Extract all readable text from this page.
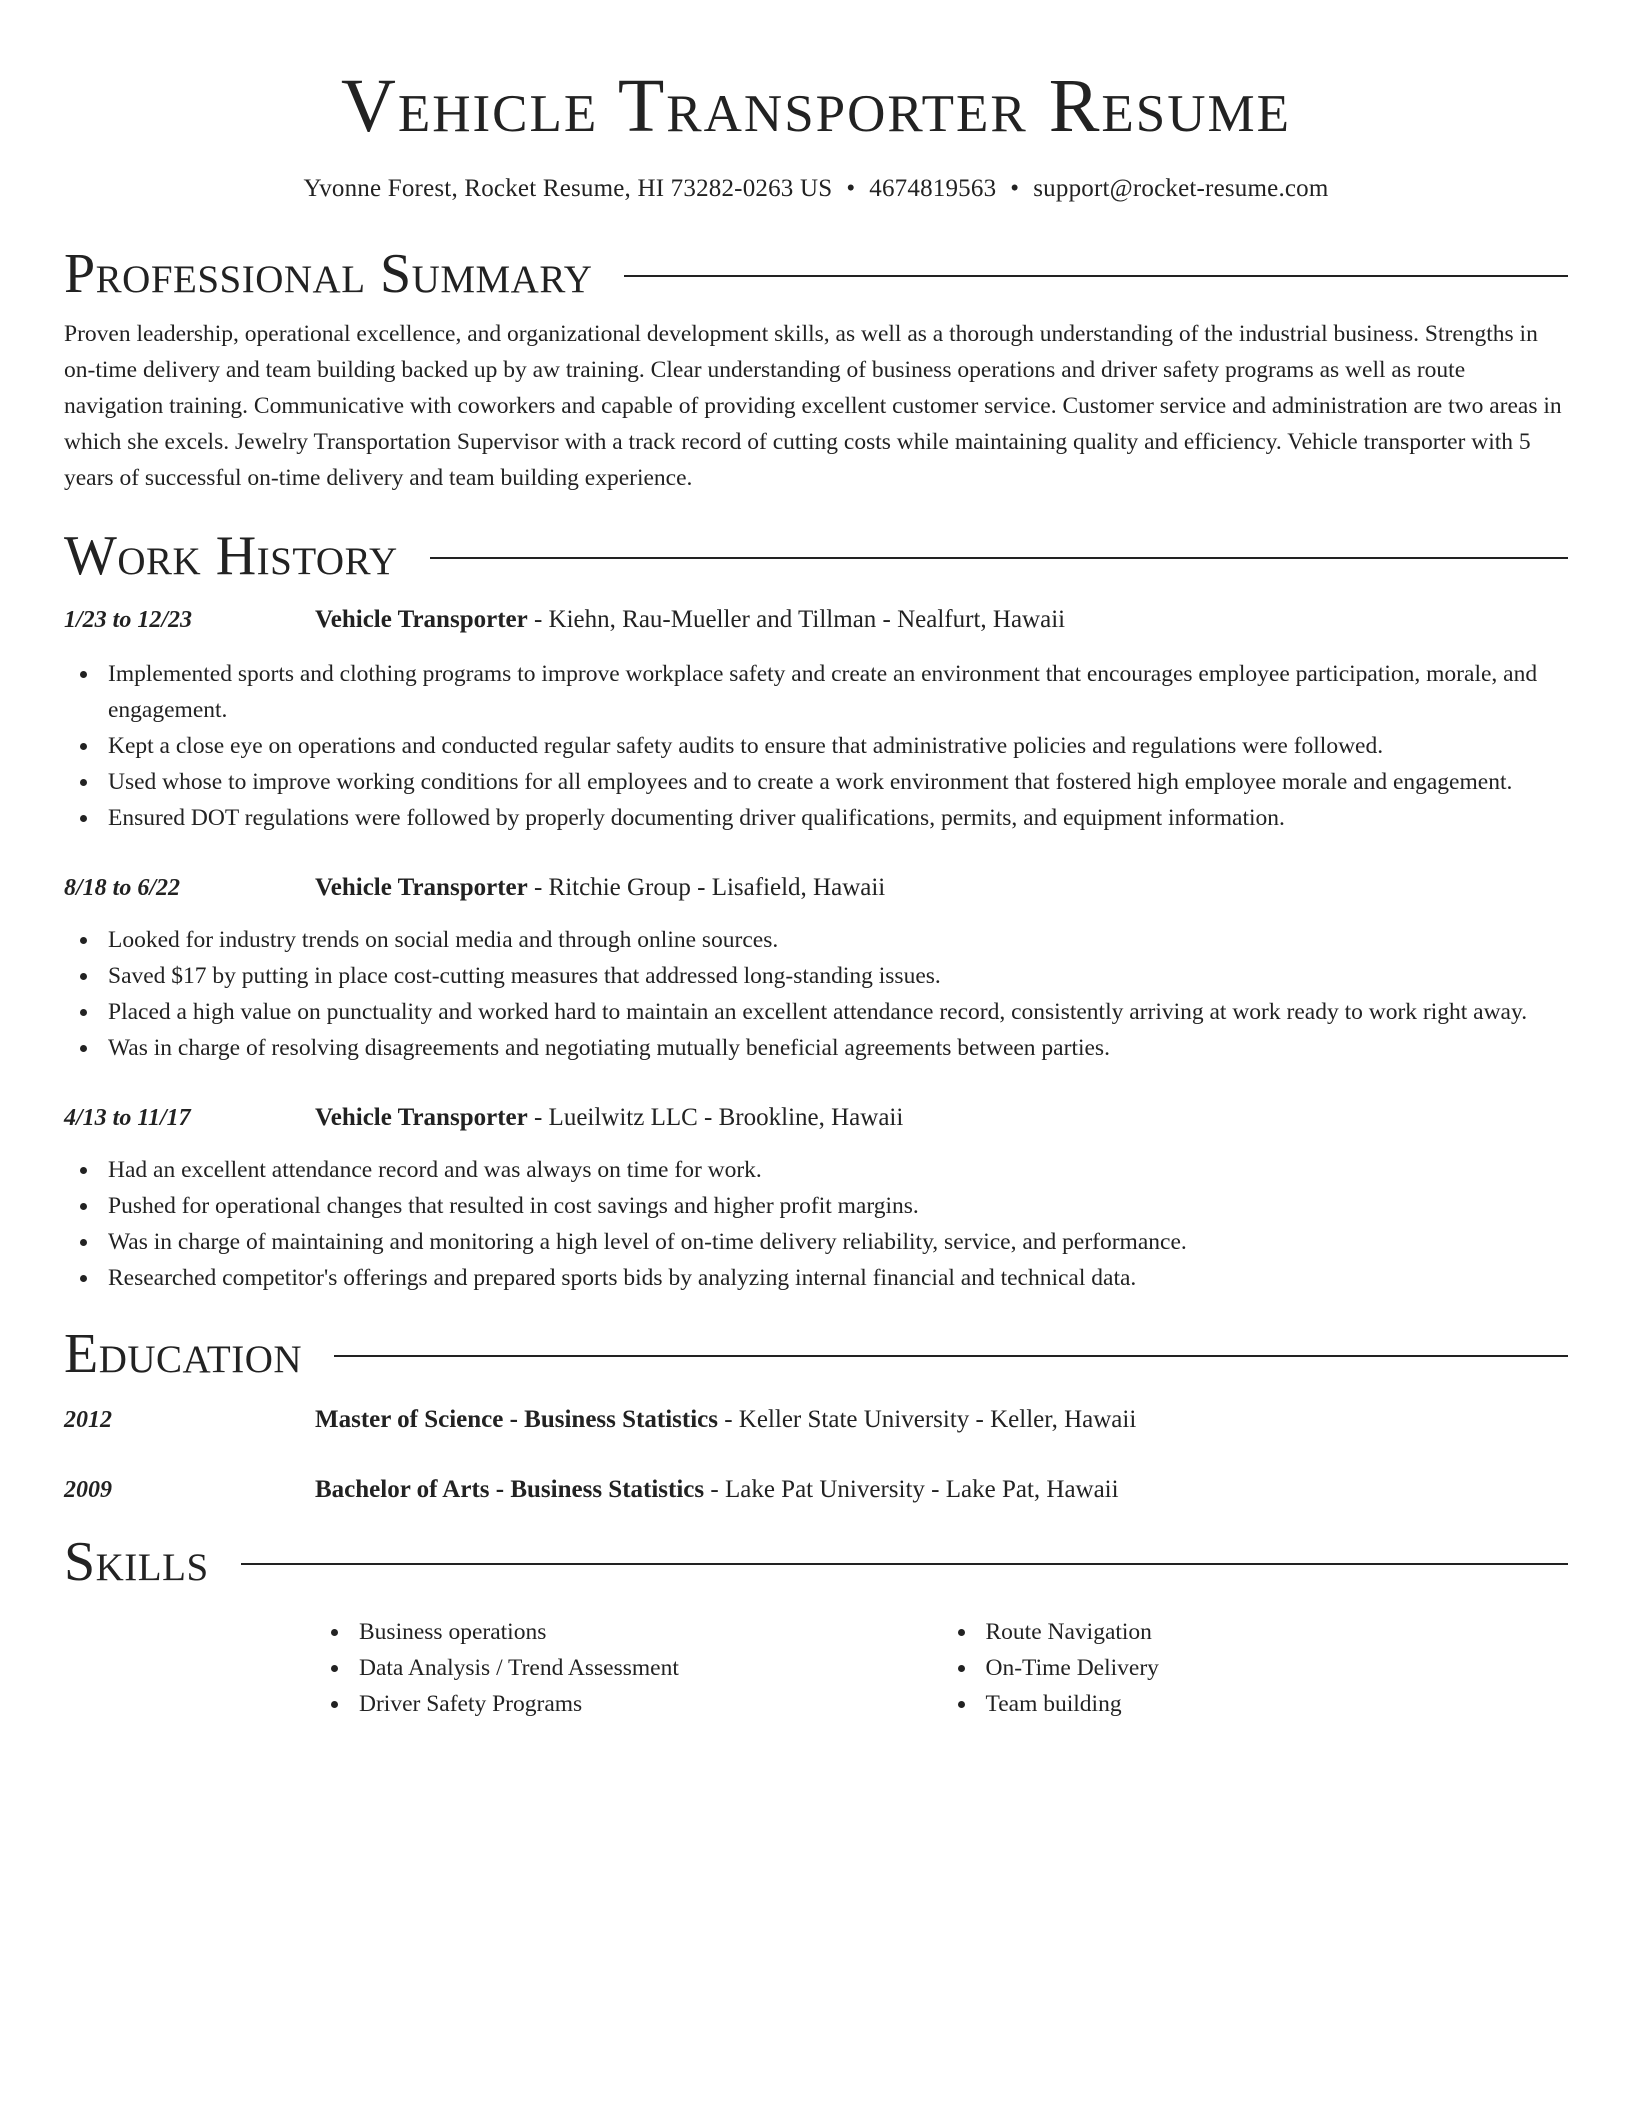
Vehicle Transporter Resume
Yvonne Forest, Rocket Resume, HI 73282-0263 US • 4674819563 • support@rocket-resume.com
Professional Summary

Proven leadership, operational excellence, and organizational development skills, as well as a thorough understanding of the industrial business. Strengths in on-time delivery and team building backed up by aw training. Clear understanding of business operations and driver safety programs as well as route navigation training. Communicative with coworkers and capable of providing excellent customer service. Customer service and administration are two areas in which she excels. Jewelry Transportation Supervisor with a track record of cutting costs while maintaining quality and efficiency. Vehicle transporter with 5 years of successful on-time delivery and team building experience.

Work History
1/23 to 12/23	Vehicle Transporter - Kiehn, Rau-Mueller and Tillman - Nealfurt, Hawaii
Implemented sports and clothing programs to improve workplace safety and create an environment that encourages employee participation, morale, and engagement.
Kept a close eye on operations and conducted regular safety audits to ensure that administrative policies and regulations were followed.
Used whose to improve working conditions for all employees and to create a work environment that fostered high employee morale and engagement.
Ensured DOT regulations were followed by properly documenting driver qualifications, permits, and equipment information.
8/18 to 6/22	Vehicle Transporter - Ritchie Group - Lisafield, Hawaii
Looked for industry trends on social media and through online sources.
Saved $17 by putting in place cost-cutting measures that addressed long-standing issues.
Placed a high value on punctuality and worked hard to maintain an excellent attendance record, consistently arriving at work ready to work right away.
Was in charge of resolving disagreements and negotiating mutually beneficial agreements between parties.
4/13 to 11/17	Vehicle Transporter - Lueilwitz LLC - Brookline, Hawaii
Had an excellent attendance record and was always on time for work.
Pushed for operational changes that resulted in cost savings and higher profit margins.
Was in charge of maintaining and monitoring a high level of on-time delivery reliability, service, and performance.
Researched competitor's offerings and prepared sports bids by analyzing internal financial and technical data.
Education
2012	Master of Science - Business Statistics - Keller State University - Keller, Hawaii
2009	Bachelor of Arts - Business Statistics - Lake Pat University - Lake Pat, Hawaii
Skills
Business operations
Data Analysis / Trend Assessment
Driver Safety Programs
Route Navigation
On-Time Delivery
Team building
